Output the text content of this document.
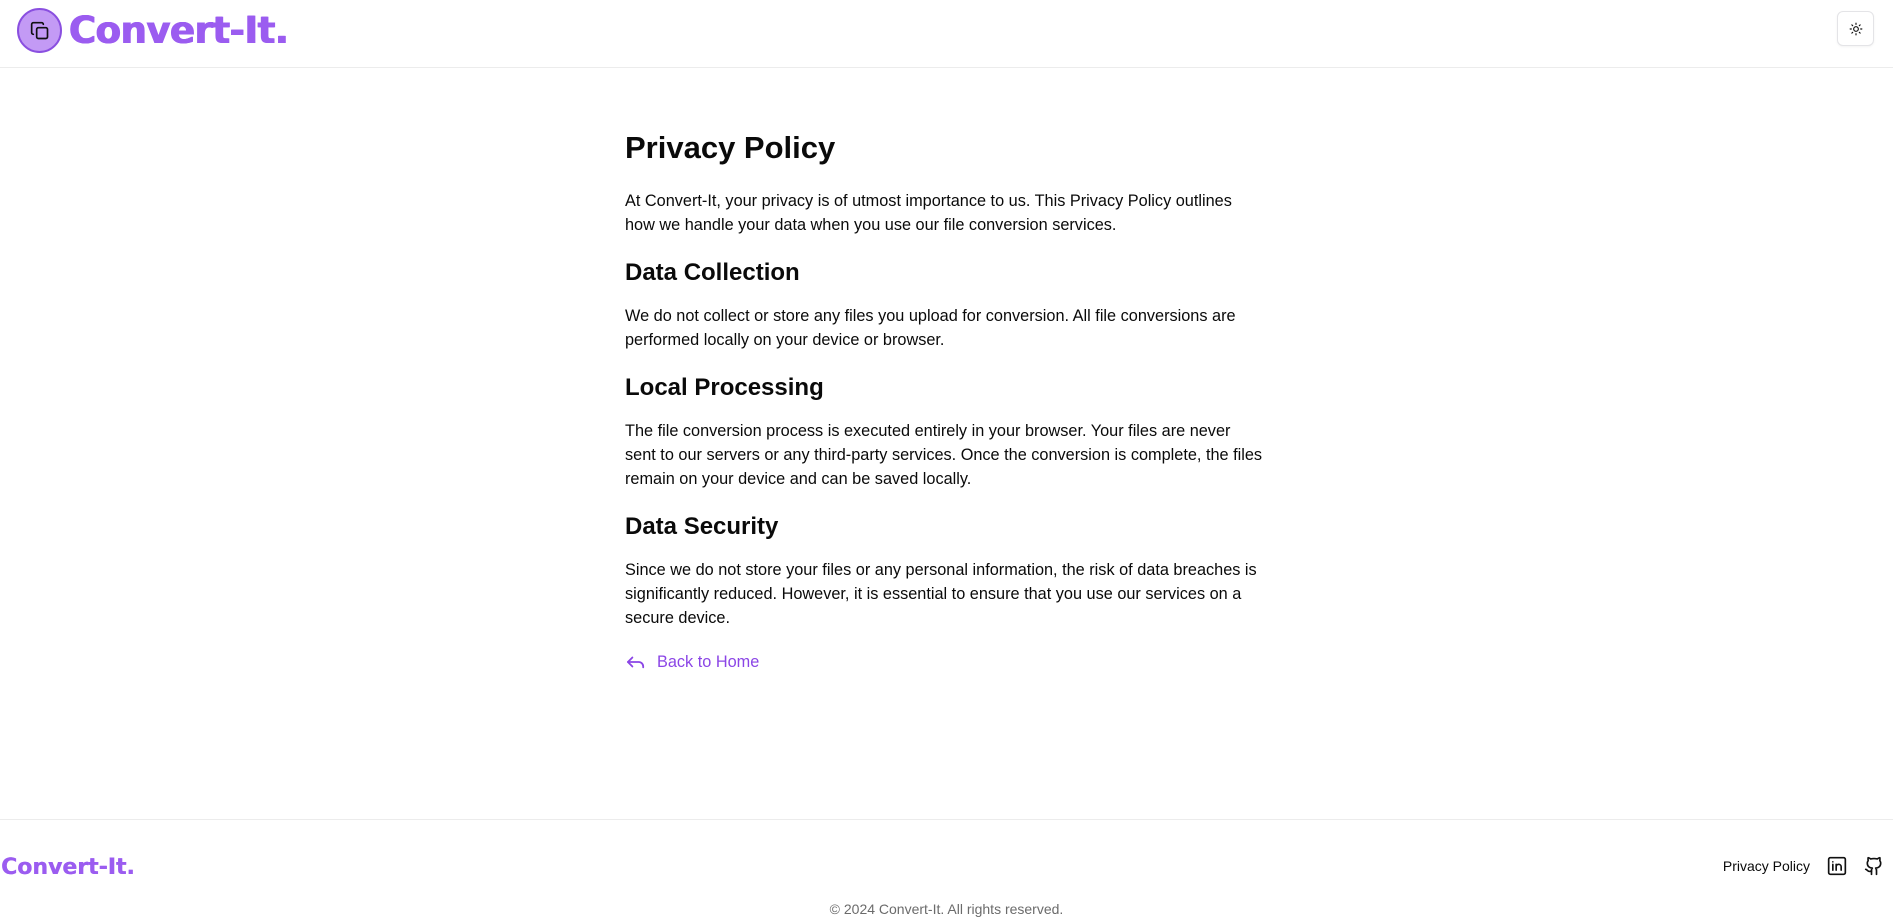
Convert-It.
Privacy Policy

At Convert-It, your privacy is of utmost importance to us. This Privacy Policy outlines how we handle your data when you use our file conversion services.

Data Collection

We do not collect or store any files you upload for conversion. All file conversions are performed locally on your device or browser.

Local Processing

The file conversion process is executed entirely in your browser. Your files are never sent to our servers or any third-party services. Once the conversion is complete, the files remain on your device and can be saved locally.

Data Security

Since we do not store your files or any personal information, the risk of data breaches is significantly reduced. However, it is essential to ensure that you use our services on a secure device.

Back to Home
Convert-It.	Privacy Policy
© 2024 Convert-It. All rights reserved.
